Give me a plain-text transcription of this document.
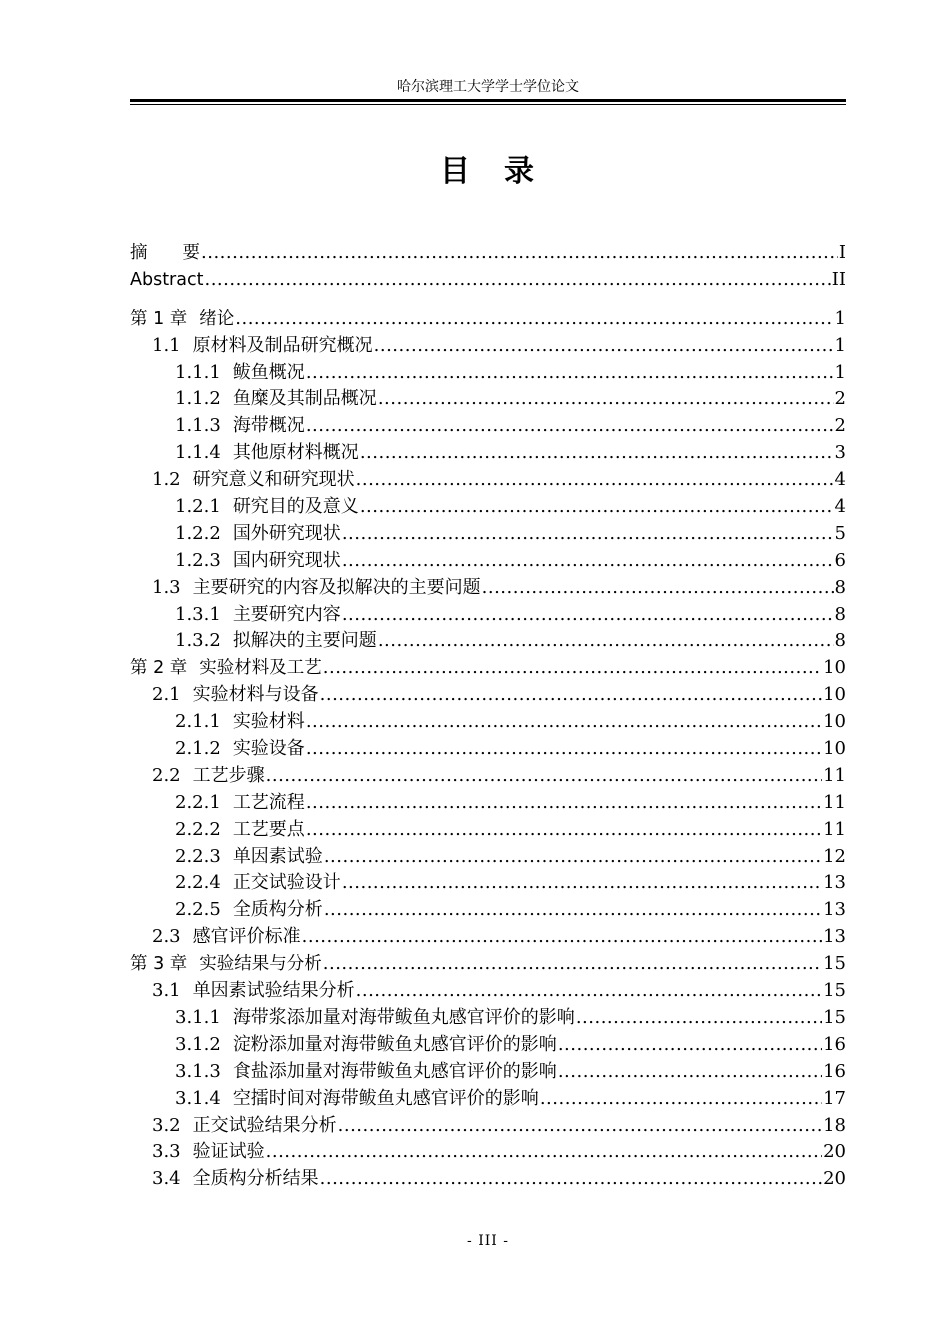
哈尔滨理工大学学士学位论文
目　录
摘　　要 .....	I
Abstract .....	II
第 1 章 绪论 .....	1
1.1 原材料及制品研究概况 .....	1
1.1.1 鲅鱼概况 .....	1
1.1.2 鱼糜及其制品概况 .....	2
1.1.3 海带概况 .....	2
1.1.4 其他原材料概况 .....	3
1.2 研究意义和研究现状 .....	4
1.2.1 研究目的及意义 .....	4
1.2.2 国外研究现状 .....	5
1.2.3 国内研究现状 .....	6
1.3 主要研究的内容及拟解决的主要问题 .....	8
1.3.1 主要研究内容 .....	8
1.3.2 拟解决的主要问题 .....	8
第 2 章 实验材料及工艺 .....	10
2.1 实验材料与设备 .....	10
2.1.1 实验材料 .....	10
2.1.2 实验设备 .....	10
2.2 工艺步骤 .....	11
2.2.1 工艺流程 .....	11
2.2.2 工艺要点 .....	11
2.2.3 单因素试验 .....	12
2.2.4 正交试验设计 .....	13
2.2.5 全质构分析 .....	13
2.3 感官评价标准 .....	13
第 3 章 实验结果与分析 .....	15
3.1 单因素试验结果分析 .....	15
3.1.1 海带浆添加量对海带鲅鱼丸感官评价的影响 .....	15
3.1.2 淀粉添加量对海带鲅鱼丸感官评价的影响 .....	16
3.1.3 食盐添加量对海带鲅鱼丸感官评价的影响 .....	16
3.1.4 空擂时间对海带鲅鱼丸感官评价的影响 .....	17
3.2 正交试验结果分析 .....	18
3.3 验证试验 .....	20
3.4 全质构分析结果 .....	20
- III -
